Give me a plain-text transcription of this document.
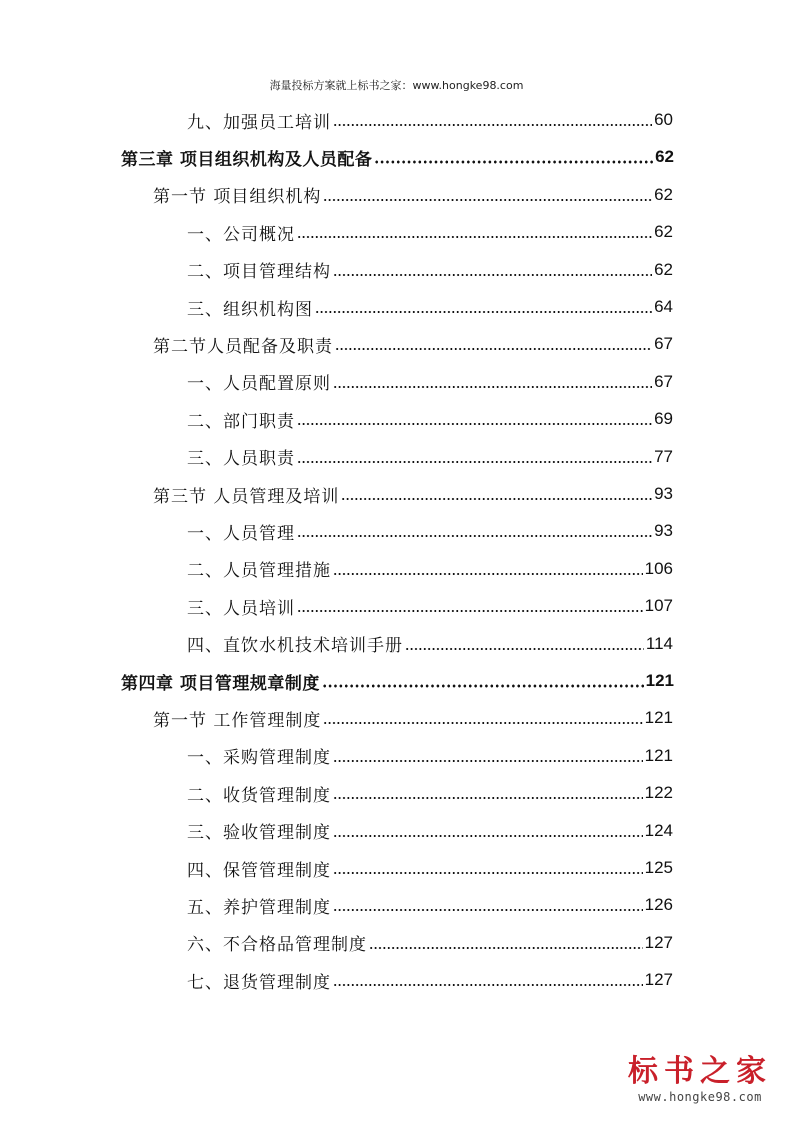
海量投标方案就上标书之家：www.hongke98.com
九、加强员工培训	60
第三章 项目组织机构及人员配备	62
第一节 项目组织机构	62
一、公司概况	62
二、项目管理结构	62
三、组织机构图	64
第二节人员配备及职责	67
一、人员配置原则	67
二、部门职责	69
三、人员职责	77
第三节 人员管理及培训	93
一、人员管理	93
二、人员管理措施	106
三、人员培训	107
四、直饮水机技术培训手册	114
第四章 项目管理规章制度	121
第一节 工作管理制度	121
一、采购管理制度	121
二、收货管理制度	122
三、验收管理制度	124
四、保管管理制度	125
五、养护管理制度	126
六、不合格品管理制度	127
七、退货管理制度	127
标书之家
www.hongke98.com
